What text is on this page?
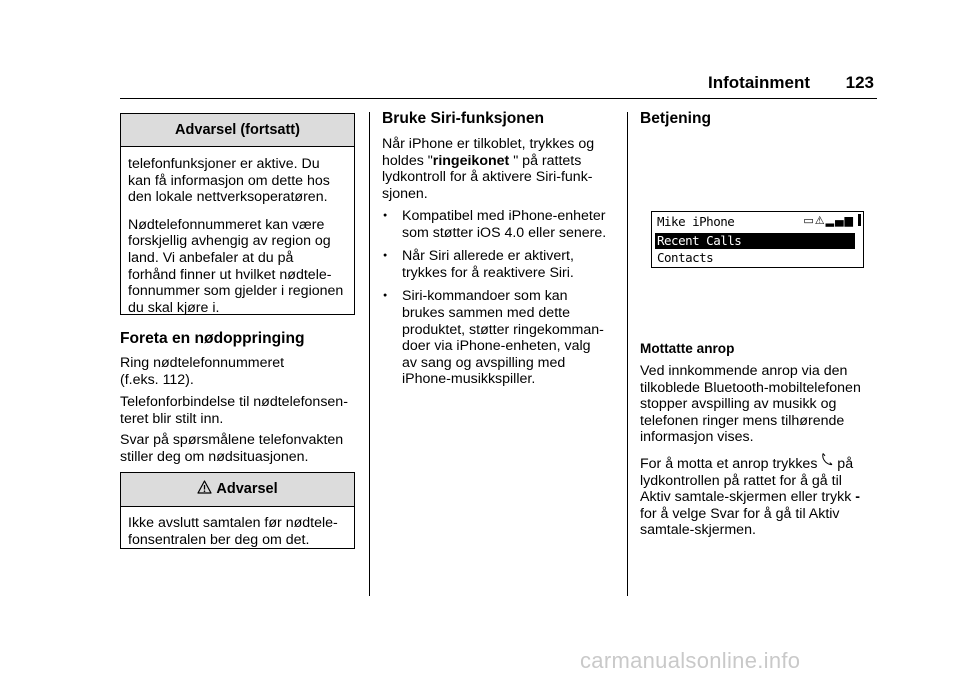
Infotainment 123
Advarsel (fortsatt)

telefonfunksjoner er aktive. Du
kan få informasjon om dette hos
den lokale nettverksoperatøren.

Nødtelefonnummeret kan være
forskjellig avhengig av region og
land. Vi anbefaler at du på
forhånd finner ut hvilket nødtele-
fonnummer som gjelder i regionen
du skal kjøre i.

Foreta en nødoppringing

Ring nødtelefonnummeret
(f.eks. 112).

Telefonforbindelse til nødtelefonsen-
teret blir stilt inn.

Svar på spørsmålene telefonvakten
stiller deg om nødsituasjonen.

Advarsel

Ikke avslutt samtalen før nødtele-
fonsentralen ber deg om det.

Bruke Siri-funksjonen

Når iPhone er tilkoblet, trykkes og
holdes "ringeikonet " på rattets
lydkontroll for å aktivere Siri-funk-
sjonen.

● Kompatibel med iPhone-enheter
som støtter iOS 4.0 eller senere.

● Når Siri allerede er aktivert,
trykkes for å reaktivere Siri.

● Siri-kommandoer som kan
brukes sammen med dette
produktet, støtter ringekomman-
doer via iPhone-enheten, valg
av sang og avspilling med
iPhone-musikkspiller.

Betjening
Mike iPhone	▭⚠▂▄▆
Recent Calls
Contacts
Mottatte anrop

Ved innkommende anrop via den
tilkoblede Bluetooth-mobiltelefonen
stopper avspilling av musikk og
telefonen ringer mens tilhørende
informasjon vises.

For å motta et anrop trykkes  på
lydkontrollen på rattet for å gå til
Aktiv samtale-skjermen eller trykk -
for å velge Svar for å gå til Aktiv
samtale-skjermen.

carmanualsonline.info
